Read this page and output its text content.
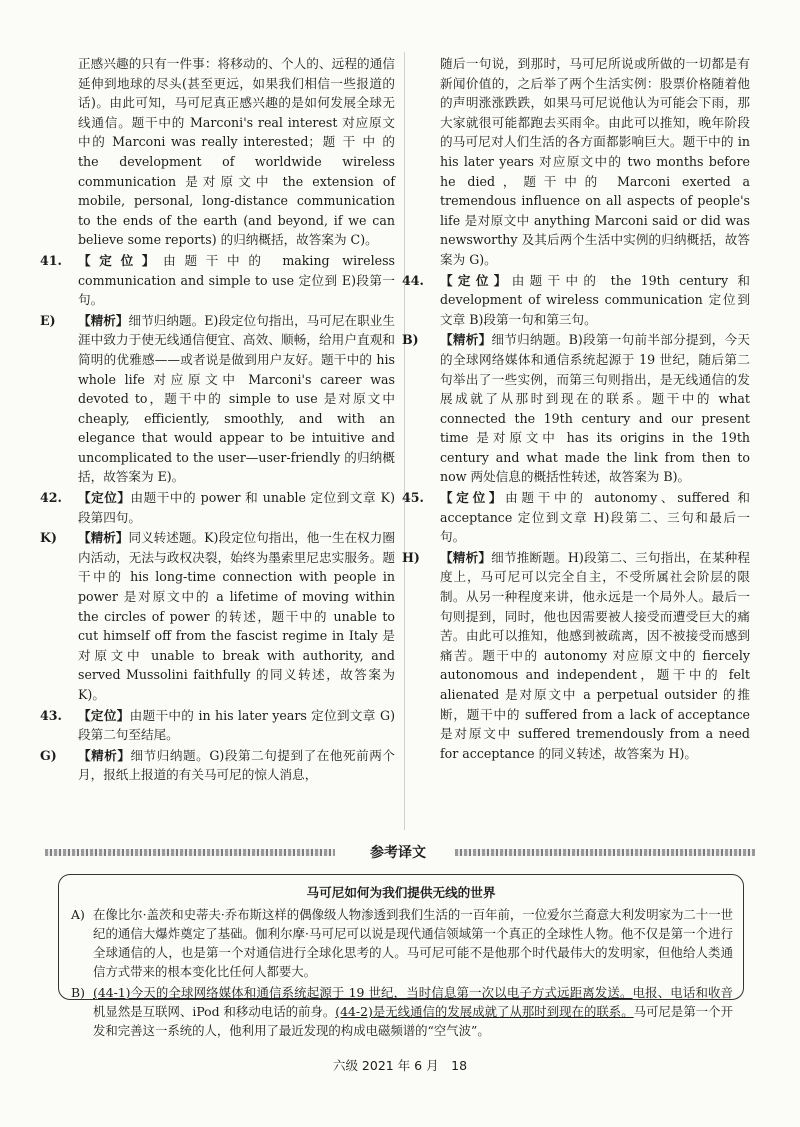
正感兴趣的只有一件事：将移动的、个人的、远程的通信延伸到地球的尽头(甚至更远，如果我们相信一些报道的话)。由此可知，马可尼真正感兴趣的是如何发展全球无线通信。题干中的 Marconi's real interest 对应原文中的 Marconi was really interested；题 干 中 的 the development of worldwide wireless communication 是对原文中 the extension of mobile, personal, long-distance communication to the ends of the earth (and beyond, if we can believe some reports) 的归纳概括，故答案为 C)。

41. 【定位】由题干中的 making wireless communication and simple to use 定位到 E)段第一句。
E) 【精析】细节归纳题。E)段定位句指出，马可尼在职业生涯中致力于使无线通信便宜、高效、顺畅，给用户直观和简明的优雅感——或者说是做到用户友好。题干中的 his whole life 对应原文中 Marconi's career was devoted to，题干中的 simple to use 是对原文中 cheaply, efficiently, smoothly, and with an elegance that would appear to be intuitive and uncomplicated to the user—user-friendly 的归纳概括，故答案为 E)。
42. 【定位】由题干中的 power 和 unable 定位到文章 K)段第四句。
K) 【精析】同义转述题。K)段定位句指出，他一生在权力圈内活动，无法与政权决裂，始终为墨索里尼忠实服务。题干中的 his long-time connection with people in power 是对原文中的 a lifetime of moving within the circles of power 的转述，题干中的 unable to cut himself off from the fascist regime in Italy 是对原文中 unable to break with authority, and served Mussolini faithfully 的同义转述，故答案为 K)。
43. 【定位】由题干中的 in his later years 定位到文章 G)段第二句至结尾。
G) 【精析】细节归纳题。G)段第二句提到了在他死前两个月，报纸上报道的有关马可尼的惊人消息，

随后一句说，到那时，马可尼所说或所做的一切都是有新闻价值的，之后举了两个生活实例：股票价格随着他的声明涨涨跌跌，如果马可尼说他认为可能会下雨，那大家就很可能都跑去买雨伞。由此可以推知，晚年阶段的马可尼对人们生活的各方面都影响巨大。题干中的 in his later years 对应原文中的 two months before he died，题干中的 Marconi exerted a tremendous influence on all aspects of people's life 是对原文中 anything Marconi said or did was newsworthy 及其后两个生活中实例的归纳概括，故答案为 G)。

44. 【定位】由题干中的 the 19th century 和 development of wireless communication 定位到文章 B)段第一句和第三句。
B) 【精析】细节归纳题。B)段第一句前半部分提到，今天的全球网络媒体和通信系统起源于 19 世纪，随后第二句举出了一些实例，而第三句则指出，是无线通信的发展成就了从那时到现在的联系。题干中的 what connected the 19th century and our present time 是对原文中 has its origins in the 19th century and what made the link from then to now 两处信息的概括性转述，故答案为 B)。
45. 【定位】由题干中的 autonomy、suffered 和 acceptance 定位到文章 H)段第二、三句和最后一句。
H) 【精析】细节推断题。H)段第二、三句指出，在某种程度上，马可尼可以完全自主，不受所属社会阶层的限制。从另一种程度来讲，他永远是一个局外人。最后一句则提到，同时，他也因需要被人接受而遭受巨大的痛苦。由此可以推知，他感到被疏离，因不被接受而感到痛苦。题干中的 autonomy 对应原文中的 fiercely autonomous and independent，题干中的 felt alienated 是对原文中 a perpetual outsider 的推断，题干中的 suffered from a lack of acceptance 是对原文中 suffered tremendously from a need for acceptance 的同义转述，故答案为 H)。
参考译文
马可尼如何为我们提供无线的世界
A) 在像比尔·盖茨和史蒂夫·乔布斯这样的偶像级人物渗透到我们生活的一百年前，一位爱尔兰裔意大利发明家为二十一世纪的通信大爆炸奠定了基础。伽利尔摩·马可尼可以说是现代通信领域第一个真正的全球性人物。他不仅是第一个进行全球通信的人，也是第一个对通信进行全球化思考的人。马可尼可能不是他那个时代最伟大的发明家，但他给人类通信方式带来的根本变化比任何人都要大。
B) (44-1)今天的全球网络媒体和通信系统起源于 19 世纪，当时信息第一次以电子方式远距离发送。电报、电话和收音机显然是互联网、iPod 和移动电话的前身。(44-2)是无线通信的发展成就了从那时到现在的联系。马可尼是第一个开发和完善这一系统的人，他利用了最近发现的构成电磁频谱的“空气波”。
六级 2021 年 6 月　18
